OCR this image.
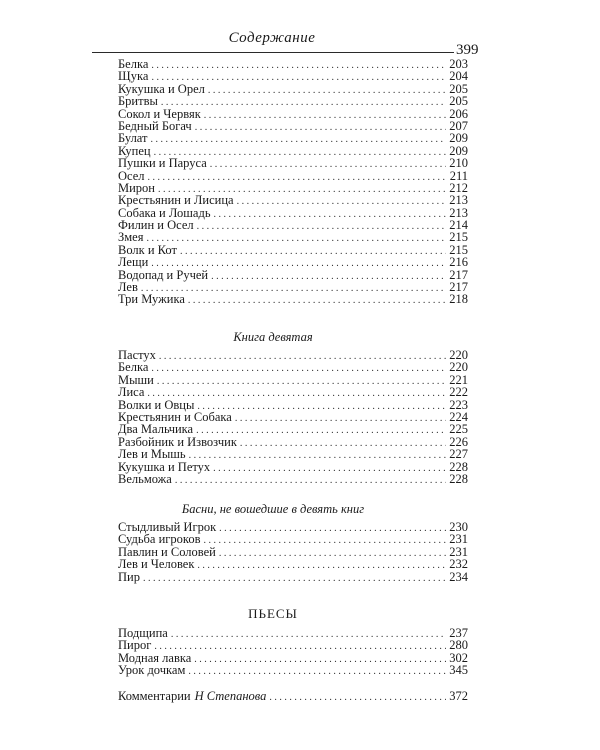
Содержание
399
Белка . . .	203
Щука . . .	204
Кукушка и Орел . . .	205
Бритвы . . .	205
Сокол и Червяк . . .	206
Бедный Богач . . .	207
Булат . . .	209
Купец . . .	209
Пушки и Паруса . . .	210
Осел . . .	211
Мирон . . .	212
Крестьянин и Лисица . . .	213
Собака и Лошадь . . .	213
Филин и Осел . . .	214
Змея . . .	215
Волк и Кот . . .	215
Лещи . . .	216
Водопад и Ручей . . .	217
Лев . . .	217
Три Мужика . . .	218
Книга девятая
Пастух . . .	220
Белка . . .	220
Мыши . . .	221
Лиса . . .	222
Волки и Овцы . . .	223
Крестьянин и Собака . . .	224
Два Мальчика . . .	225
Разбойник и Извозчик . . .	226
Лев и Мышь . . .	227
Кукушка и Петух . . .	228
Вельможа . . .	228
Басни, не вошедшие в девять книг
Стыдливый Игрок . . .	230
Судьба игроков . . .	231
Павлин и Соловей . . .	231
Лев и Человек . . .	232
Пир . . .	234
ПЬЕСЫ
Подщипа . . .	237
Пирог . . .	280
Модная лавка . . .	302
Урок дочкам . . .	345
Комментарии Н Степанова . . .	372
